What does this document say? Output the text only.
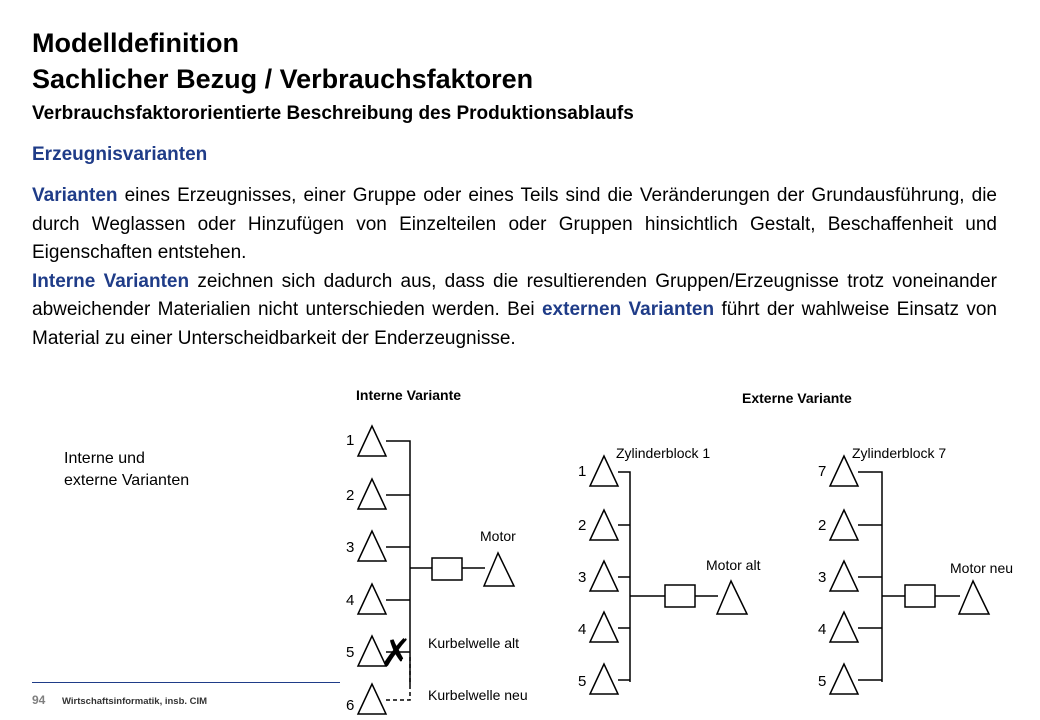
Modelldefinition
Sachlicher Bezug / Verbrauchsfaktoren
Verbrauchsfaktororientierte Beschreibung des Produktionsablaufs
Erzeugnisvarianten

Varianten eines Erzeugnisses, einer Gruppe oder eines Teils sind die Veränderungen der Grundausführung, die durch Weglassen oder Hinzufügen von Einzelteilen oder Gruppen hinsichtlich Gestalt, Beschaffenheit und Eigenschaften entstehen.

Interne Varianten zeichnen sich dadurch aus, dass die resultierenden Gruppen/Erzeugnisse trotz voneinander abweichender Materialien nicht unterschieden werden. Bei externen Varianten führt der wahlweise Einsatz von Material zu einer Unterscheidbarkeit der Enderzeugnisse.

Interne und
externe Varianten
Interne Variante	Externe Variante
1
2
3
4
5
6
Motor
Kurbelwelle alt
Kurbelwelle neu
✗
Zylinderblock 1
1
2
3
4
5
Motor alt
Zylinderblock 7
7
2
3
4
5
Motor neu
94 Wirtschaftsinformatik, insb. CIM
